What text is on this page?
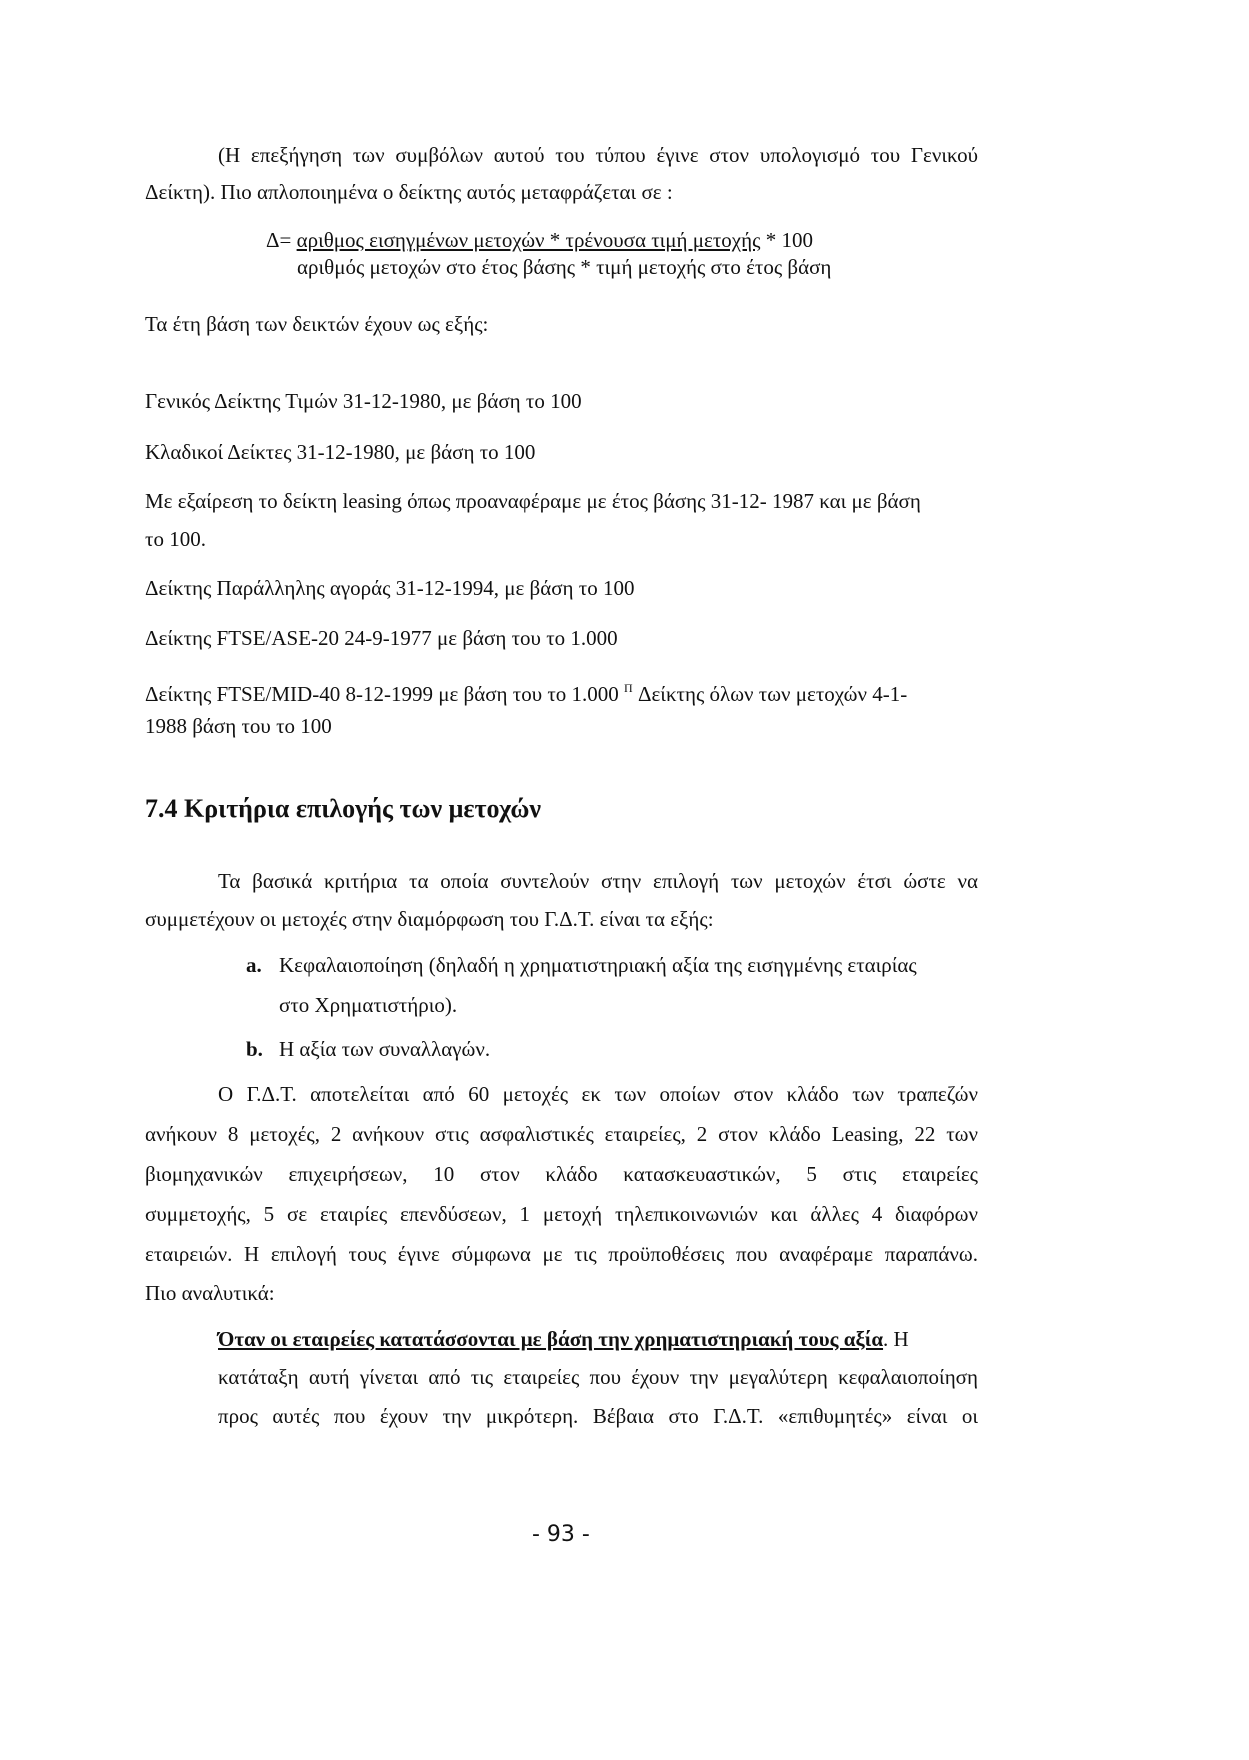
(Η επεξήγηση των συμβόλων αυτού του τύπου έγινε στον υπολογισμό του Γενικού
Δείκτη). Πιο απλοποιημένα ο δείκτης αυτός μεταφράζεται σε :
Δ= αριθμος εισηγμένων μετοχών * τρένουσα τιμή μετοχής * 100
αριθμός μετοχών στο έτος βάσης * τιμή μετοχής στο έτος βάση
Τα έτη βάση των δεικτών έχουν ως εξής:
Γενικός Δείκτης Τιμών 31-12-1980, με βάση το 100
Κλαδικοί Δείκτες 31-12-1980, με βάση το 100
Με εξαίρεση το δείκτη leasing όπως προαναφέραμε με έτος βάσης 31-12- 1987 και με βάση
το 100.
Δείκτης Παράλληλης αγοράς 31-12-1994, με βάση το 100
Δείκτης FTSE/ASE-20 24-9-1977 με βάση του το 1.000
Δείκτης FTSE/MID-40 8-12-1999 με βάση του το 1.000 $^П$ Δείκτης όλων των μετοχών 4-1-
1988 βάση του το 100
7.4 Κριτήρια επιλογής των μετοχών
Τα βασικά κριτήρια τα οποία συντελούν στην επιλογή των μετοχών έτσι ώστε να
συμμετέχουν οι μετοχές στην διαμόρφωση του Γ.Δ.Τ. είναι τα εξής:
a. Κεφαλαιοποίηση (δηλαδή η χρηματιστηριακή αξία της εισηγμένης εταιρίας
στο Χρηματιστήριο).
b. Η αξία των συναλλαγών.
Ο Γ.Δ.Τ. αποτελείται από 60 μετοχές εκ των οποίων στον κλάδο των τραπεζών
ανήκουν 8 μετοχές, 2 ανήκουν στις ασφαλιστικές εταιρείες, 2 στον κλάδο Leasing, 22 των
βιομηχανικών επιχειρήσεων, 10 στον κλάδο κατασκευαστικών, 5 στις εταιρείες
συμμετοχής, 5 σε εταιρίες επενδύσεων, 1 μετοχή τηλεπικοινωνιών και άλλες 4 διαφόρων
εταιρειών. Η επιλογή τους έγινε σύμφωνα με τις προϋποθέσεις που αναφέραμε παραπάνω.
Πιο αναλυτικά:
Όταν οι εταιρείες κατατάσσονται με βάση την χρηματιστηριακή τους αξία. Η
κατάταξη αυτή γίνεται από τις εταιρείες που έχουν την μεγαλύτερη κεφαλαιοποίηση
προς αυτές που έχουν την μικρότερη. Βέβαια στο Γ.Δ.Τ. «επιθυμητές» είναι οι
- 93 -
